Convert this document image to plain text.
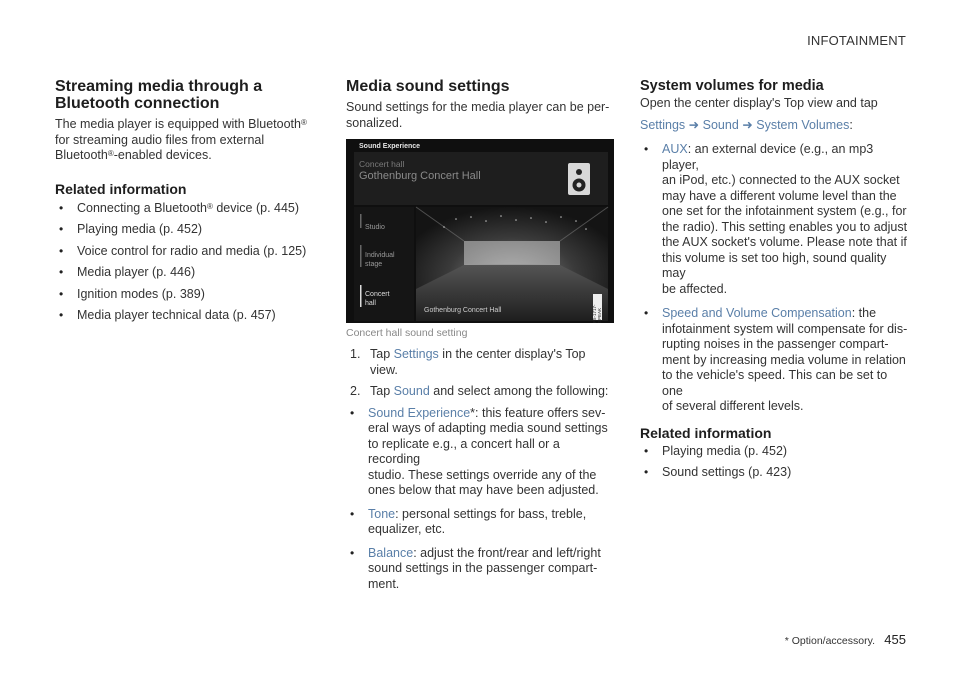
INFOTAINMENT
Streaming media through a Bluetooth connection

The media player is equipped with Bluetooth®
for streaming audio files from external
Bluetooth®-enabled devices.

Related information
• Connecting a Bluetooth® device (p. 445)
• Playing media (p. 452)
• Voice control for radio and media (p. 125)
• Media player (p. 446)
• Ignition modes (p. 389)
• Media player technical data (p. 457)
Media sound settings

Sound settings for the media player can be per-
sonalized.

Sound Experience
Concert hall
Gothenburg Concert Hall
Studio
Individual
stage
Concert
hall
Gothenburg Concert Hall	P5-1717-SPEAK
Concert hall sound setting
1. Tap Settings in the center display's Top
view.
2. Tap Sound and select among the following:
• Sound Experience*: this feature offers sev-
eral ways of adapting media sound settings
to replicate e.g., a concert hall or a recording
studio. These settings override any of the
ones below that may have been adjusted.
• Tone: personal settings for bass, treble,
equalizer, etc.
• Balance: adjust the front/rear and left/right
sound settings in the passenger compart-
ment.
System volumes for media

Open the center display's Top view and tap

Settings ➜ Sound ➜ System Volumes:

• AUX: an external device (e.g., an mp3 player,
an iPod, etc.) connected to the AUX socket
may have a different volume level than the
one set for the infotainment system (e.g., for
the radio). This setting enables you to adjust
the AUX socket's volume. Please note that if
this volume is set too high, sound quality may
be affected.
• Speed and Volume Compensation: the
infotainment system will compensate for dis-
rupting noises in the passenger compart-
ment by increasing media volume in relation
to the vehicle's speed. This can be set to one
of several different levels.
Related information
• Playing media (p. 452)
• Sound settings (p. 423)
* Option/accessory. 455
